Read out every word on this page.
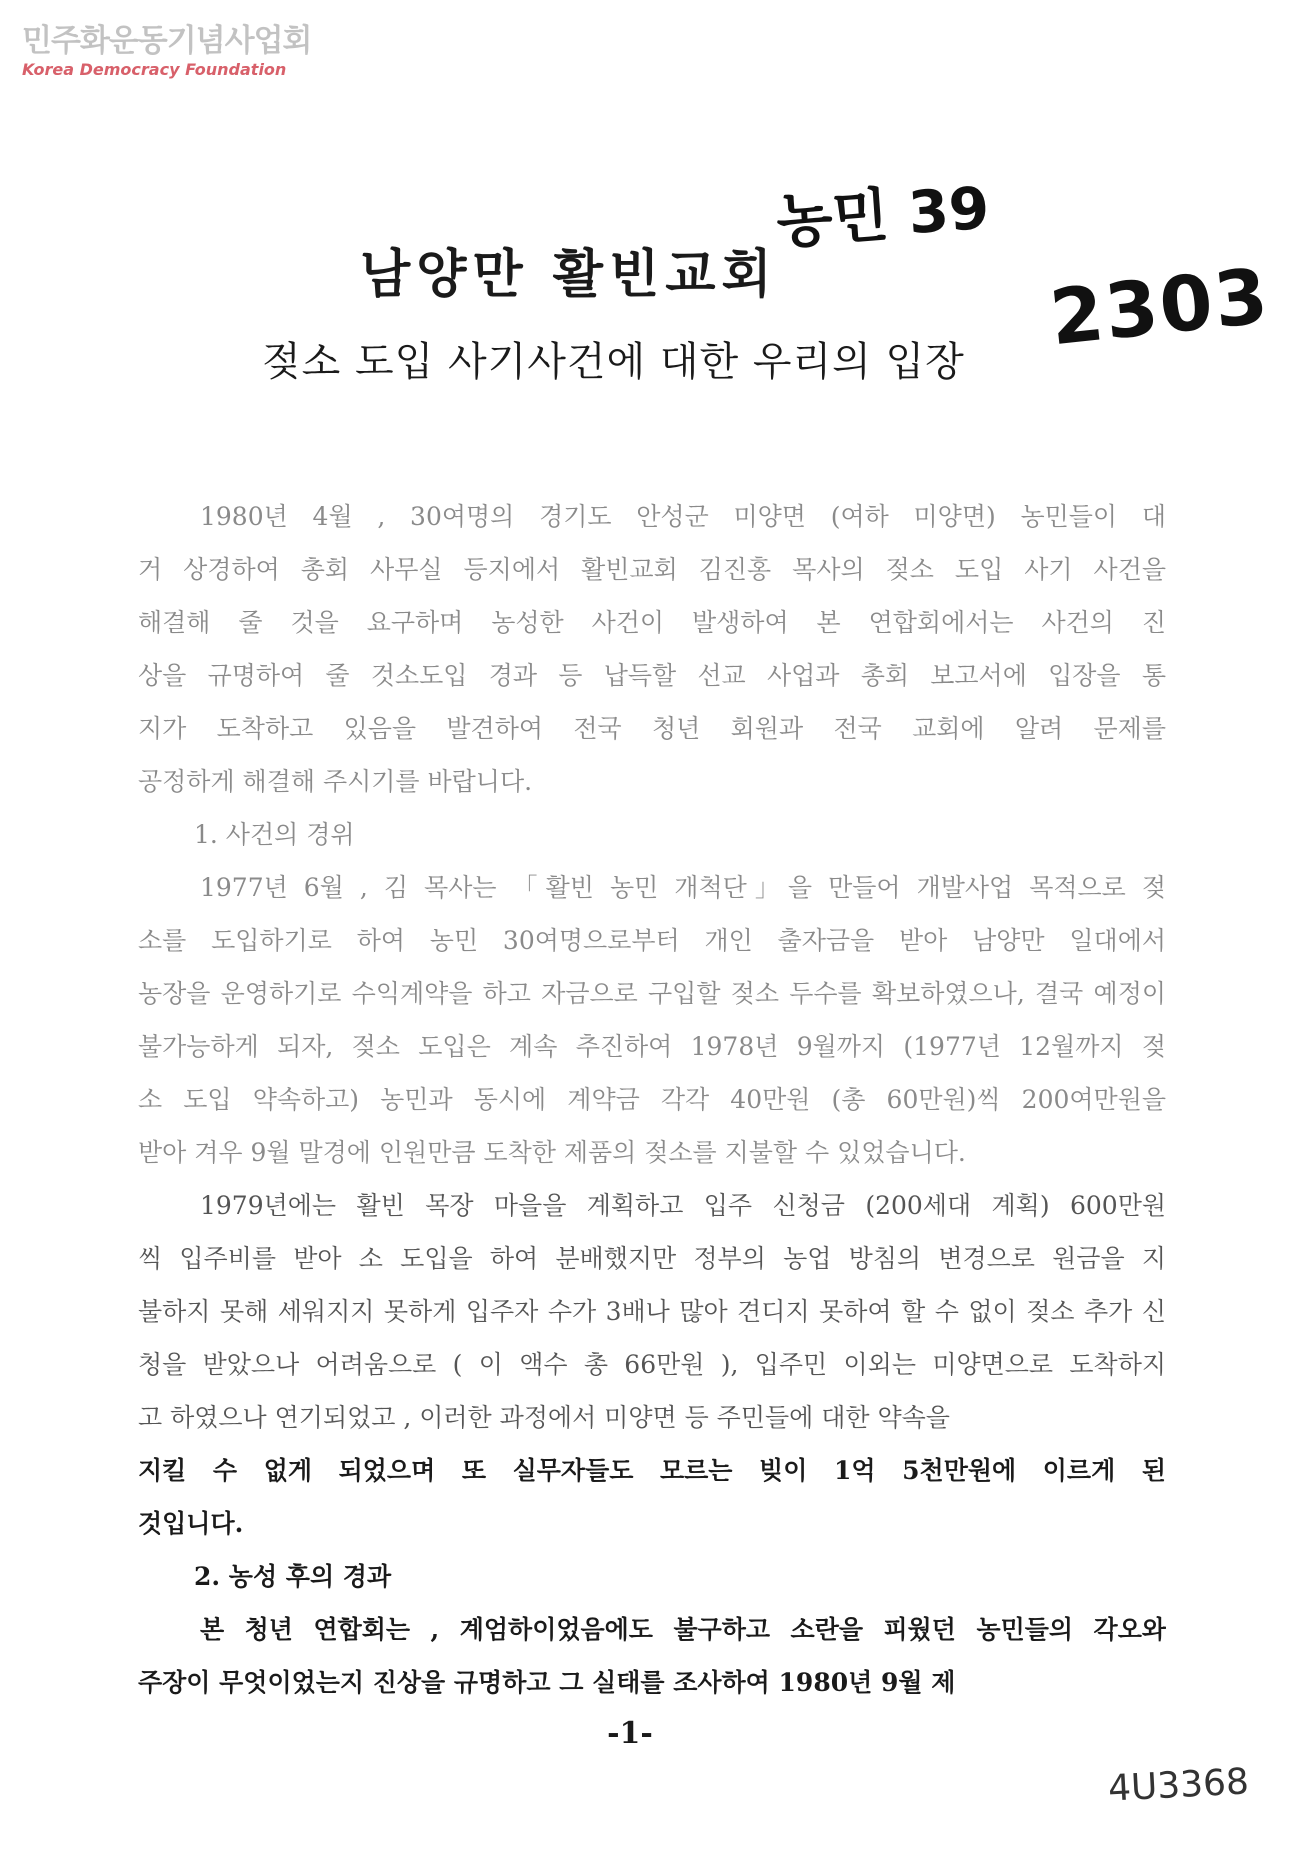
민주화운동기념사업회
Korea Democracy Foundation
농민 39
2303
남양만 활빈교회
젖소 도입 사기사건에 대한 우리의 입장
1980년 4월 , 30여명의 경기도 안성군 미양면 (여하 미양면) 농민들이 대
거 상경하여 총회 사무실 등지에서 활빈교회 김진홍 목사의 젖소 도입 사기 사건을
해결해 줄 것을 요구하며 농성한 사건이 발생하여 본 연합회에서는 사건의 진
상을 규명하여 줄 것소도입 경과 등 납득할 선교 사업과 총회 보고서에 입장을 통
지가 도착하고 있음을 발견하여 전국 청년 회원과 전국 교회에 알려 문제를
공정하게 해결해 주시기를 바랍니다.
1. 사건의 경위
1977년 6월 , 김 목사는 「활빈 농민 개척단」을 만들어 개발사업 목적으로 젖
소를 도입하기로 하여 농민 30여명으로부터 개인 출자금을 받아 남양만 일대에서
농장을 운영하기로 수익계약을 하고 자금으로 구입할 젖소 두수를 확보하였으나, 결국 예정이
불가능하게 되자, 젖소 도입은 계속 추진하여 1978년 9월까지 (1977년 12월까지 젖
소 도입 약속하고) 농민과 동시에 계약금 각각 40만원 (총 60만원)씩 200여만원을
받아 겨우 9월 말경에 인원만큼 도착한 제품의 젖소를 지불할 수 있었습니다.
1979년에는 활빈 목장 마을을 계획하고 입주 신청금 (200세대 계획) 600만원
씩 입주비를 받아 소 도입을 하여 분배했지만 정부의 농업 방침의 변경으로 원금을 지
불하지 못해 세워지지 못하게 입주자 수가 3배나 많아 견디지 못하여 할 수 없이 젖소 추가 신
청을 받았으나 어려움으로 ( 이 액수 총 66만원 ), 입주민 이외는 미양면으로 도착하지
고 하였으나 연기되었고 , 이러한 과정에서 미양면 등 주민들에 대한 약속을
지킬 수 없게 되었으며 또 실무자들도 모르는 빚이 1억 5천만원에 이르게 된
것입니다.
2. 농성 후의 경과
본 청년 연합회는 , 계엄하이었음에도 불구하고 소란을 피웠던 농민들의 각오와
주장이 무엇이었는지 진상을 규명하고 그 실태를 조사하여 1980년 9월 제
-1-
4U3368
